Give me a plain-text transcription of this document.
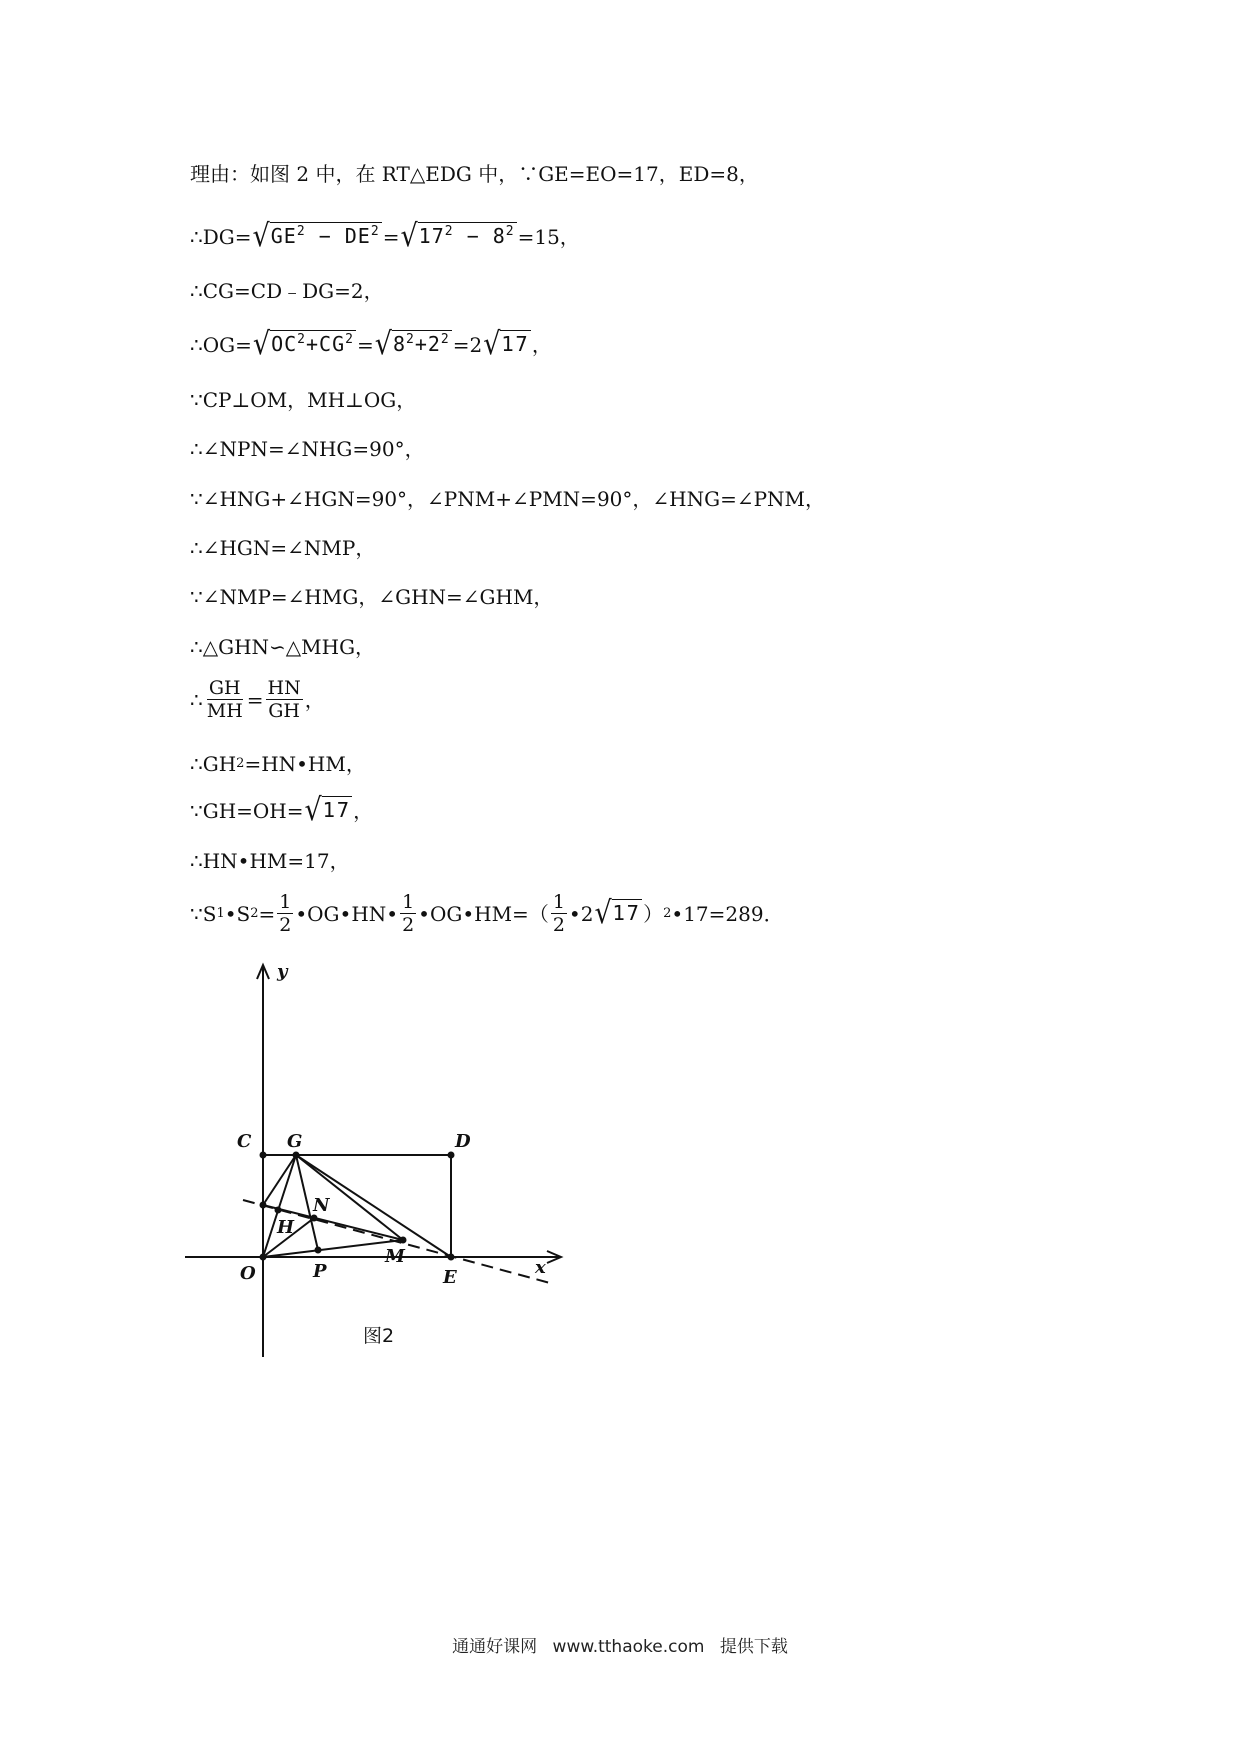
理由：如图 2 中，在 RT△EDG 中，∵GE=EO=17，ED=8，
∴DG= √ $GE^2 - DE^2$ = √ $17^2 - 8^2 =15$，
∴CG=CD﹣DG=2，
∴OG= √ $OC^2+CG^2$ = √ $8^2+2^2 =2$ √ 17 ，
∵CP⊥OM，MH⊥OG，
∴∠NPN=∠NHG=90°，
∵∠HNG+∠HGN=90°，∠PNM+∠PMN=90°，∠HNG=∠PNM，
∴∠HGN=∠NMP，
∵∠NMP=∠HMG，∠GHN=∠GHM，
∴△GHN∽△MHG，
∴ $\frac{GH}{MH} = \frac{HN}{GH}$ ，
∴GH 2 =HN•HM，
∵GH=OH= √ 17 ，
∴HN•HM=17，
∵S 1 •S $2 = \frac{1}{2}$ •OG•HN• $\frac{1}{2}$ •OG•HM=（ $\frac{1}{2}$ •2 √ 17 ） 2 •17=289．
y
x
C G	D
N
H
O	P
M
E
图2
通通好课网 www.tthaoke.com 提供下载
